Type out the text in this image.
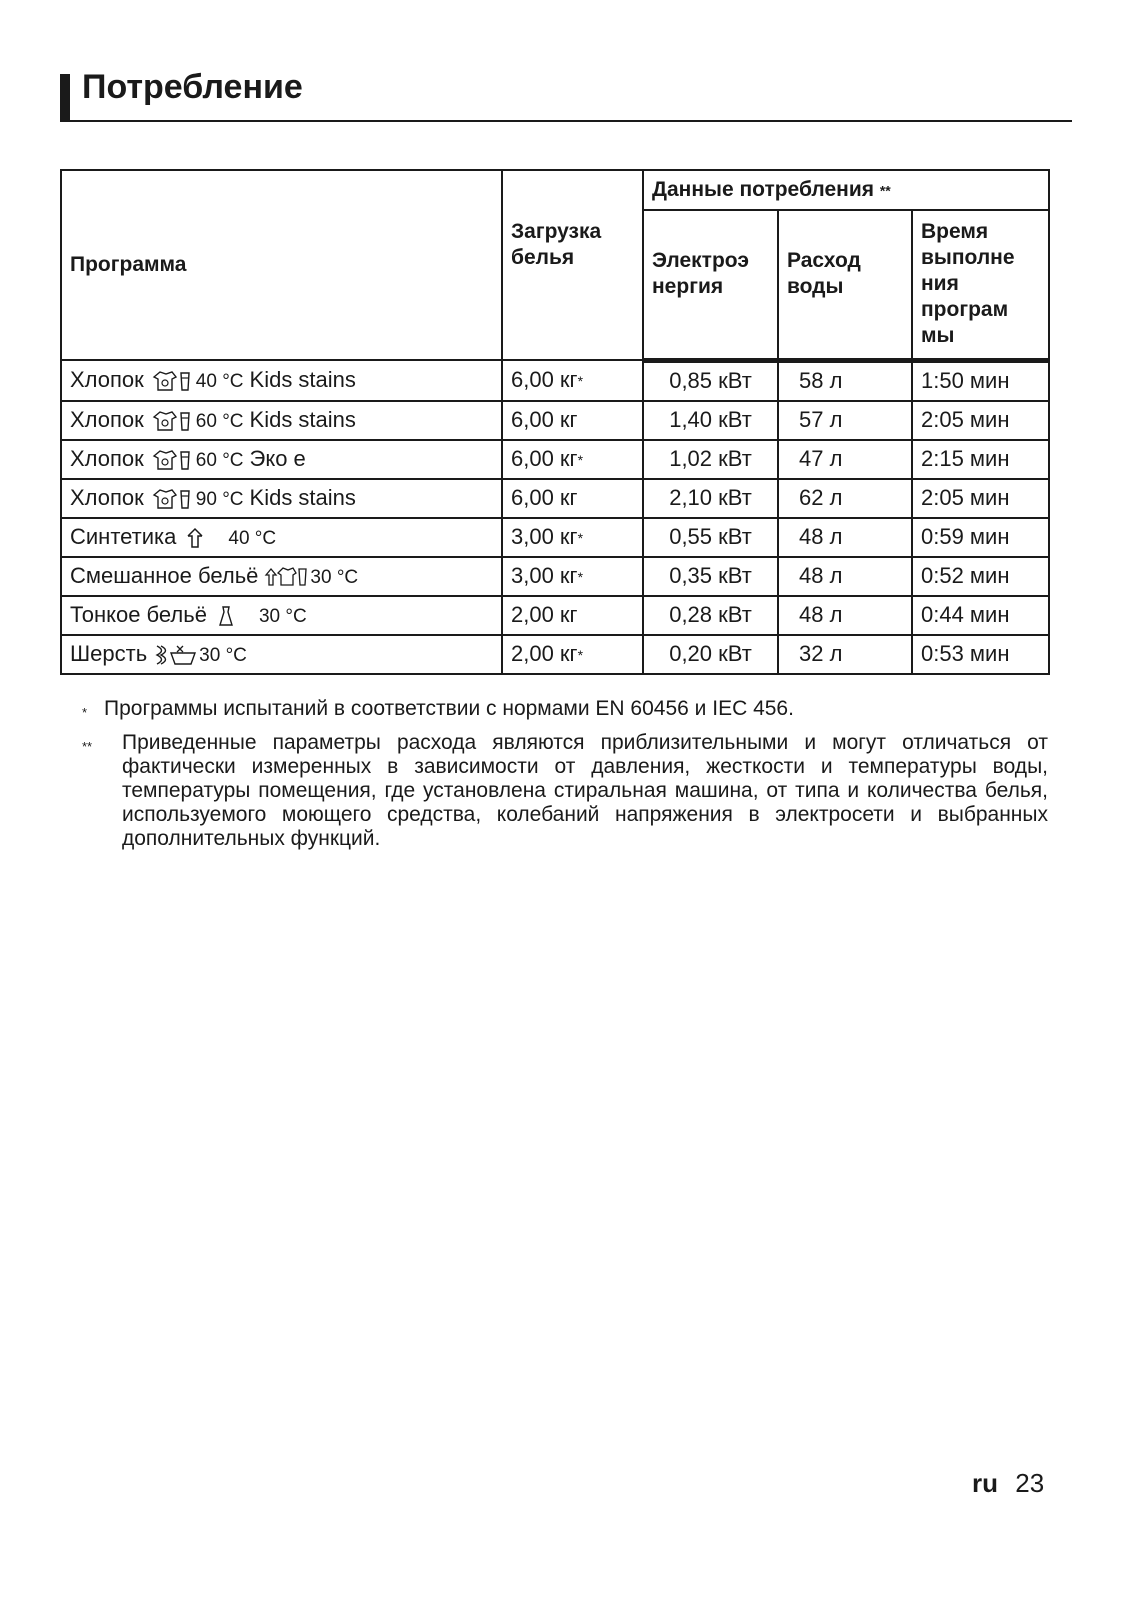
Потребление
Программа	Загрузка белья	Данные потребления **		
		Электроэ нергия	Расход воды	Время выполне ния програм мы
Хлопок 40 °C Kids stains	6,00 кг*	0,85 кВт	58 л	1:50 мин
Хлопок 60 °C Kids stains	6,00 кг	1,40 кВт	57 л	2:05 мин
Хлопок 60 °C Эко e	6,00 кг*	1,02 кВт	47 л	2:15 мин
Хлопок 90 °C Kids stains	6,00 кг	2,10 кВт	62 л	2:05 мин
Синтетика 40 °C	3,00 кг*	0,55 кВт	48 л	0:59 мин
Смешанное бельё 30 °C	3,00 кг*	0,35 кВт	48 л	0:52 мин
Тонкое бельё 30 °C	2,00 кг	0,28 кВт	48 л	0:44 мин
Шерсть 30 °C	2,00 кг*	0,20 кВт	32 л	0:53 мин
* Программы испытаний в соответствии с нормами EN 60456 и IEC 456.
**	Приведенные параметры расхода являются приблизительными и могут отличаться от фактически измеренных в зависимости от давления, жесткости и температуры воды, температуры помещения, где установлена стиральная машина, от типа и количества белья, используемого моющего средства, колебаний напряжения в электросети и выбранных дополнительных функций.
ru 23
